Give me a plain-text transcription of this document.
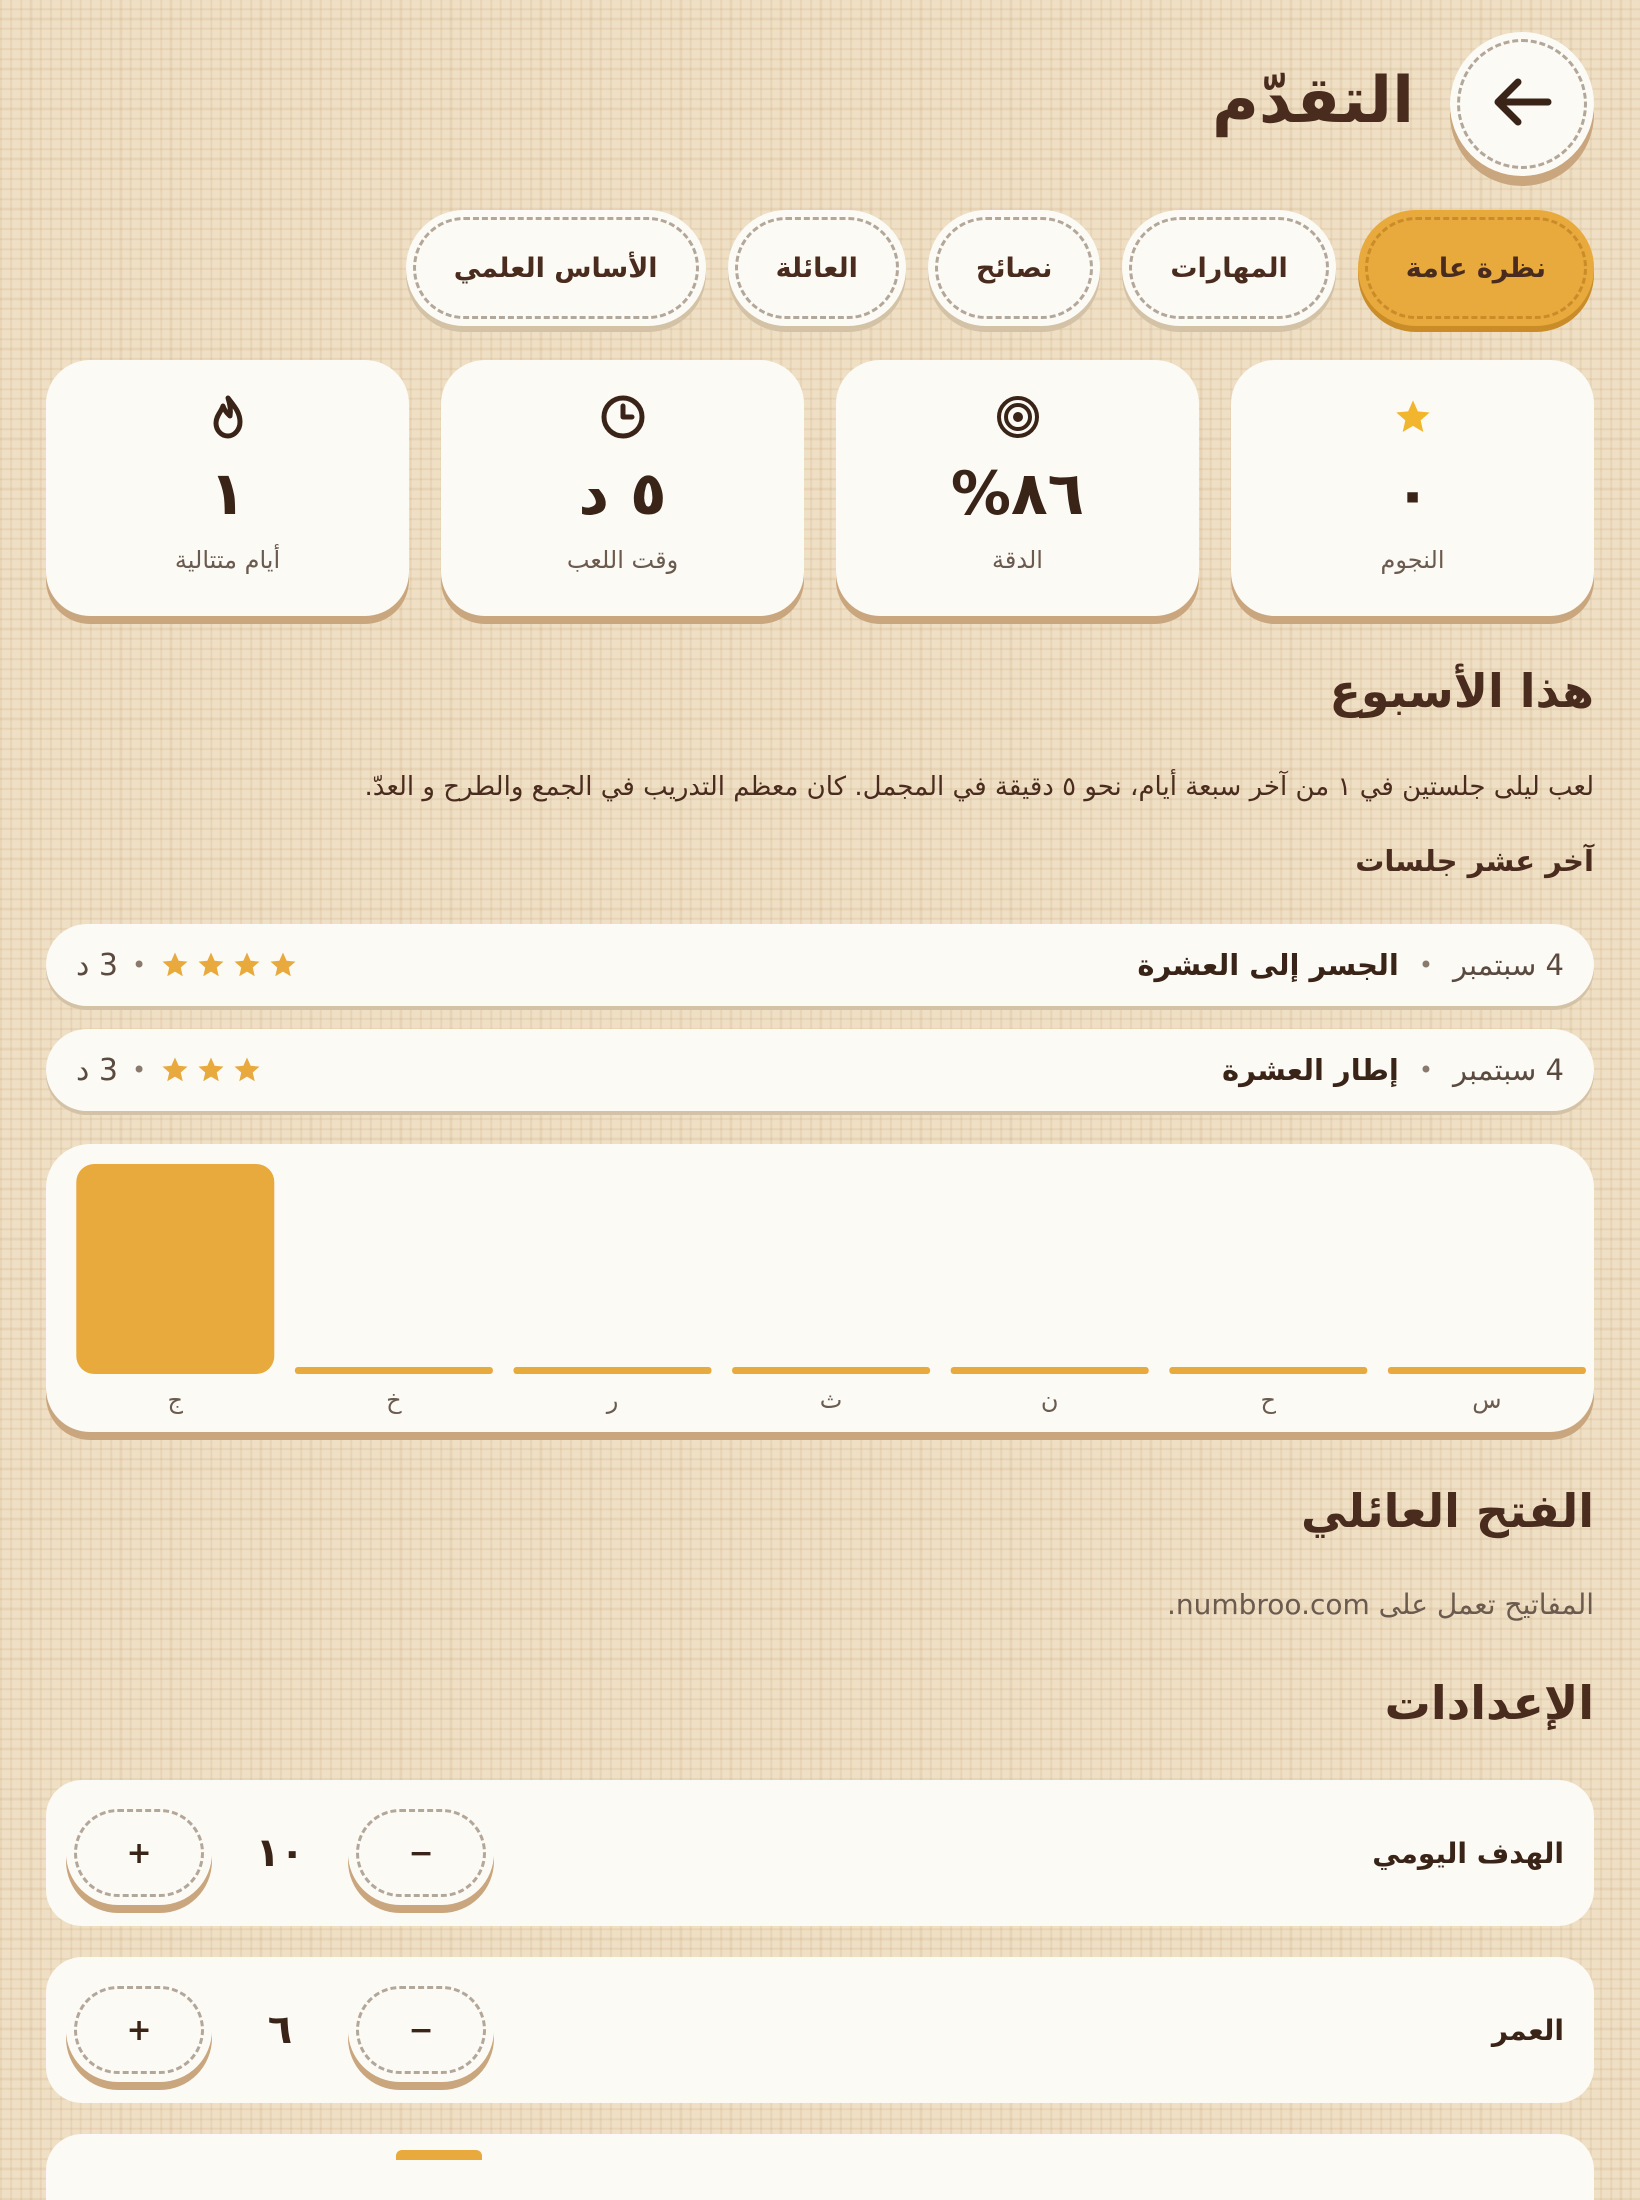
التقدّم
نظرة عامة
المهارات
نصائح
العائلة
الأساس العلمي
٠
النجوم
٨٦%
الدقة
٥ د
وقت اللعب
١
أيام متتالية
هذا الأسبوع
لعب ليلى جلستين في ١ من آخر سبعة أيام، نحو ٥ دقيقة في المجمل. كان معظم التدريب في الجمع والطرح و العدّ.
آخر عشر جلسات
4 سبتمبر
•
الجسر إلى العشرة
•
3 د
4 سبتمبر
•
إطار العشرة
•
3 د
س
ح
ن
ث
ر
خ
ج
الفتح العائلي
المفاتيح تعمل على numbroo.com.
الإعدادات
الهدف اليومي
+	١٠	−
العمر
+	٦	−
